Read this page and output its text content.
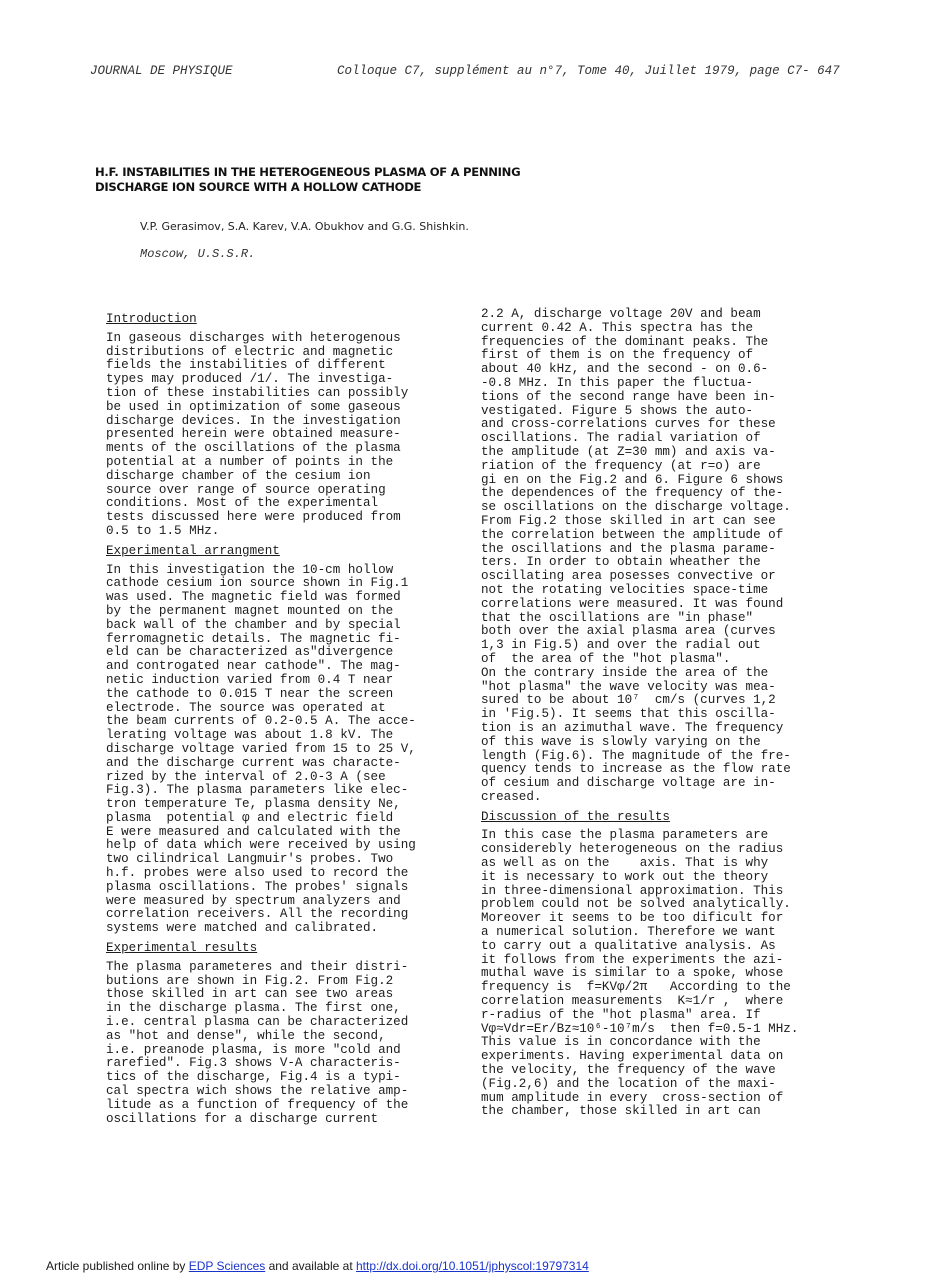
JOURNAL DE PHYSIQUE	Colloque C7, supplément au n°7, Tome 40, Juillet 1979, page C7- 647
H.F. INSTABILITIES IN THE HETEROGENEOUS PLASMA OF A PENNING
DISCHARGE ION SOURCE WITH A HOLLOW CATHODE
V.P. Gerasimov, S.A. Karev, V.A. Obukhov and G.G. Shishkin.
Moscow, U.S.S.R.
Introduction
In gaseous discharges with heterogenous
distributions of electric and magnetic
fields the instabilities of different
types may produced /1/. The investiga-
tion of these instabilities can possibly
be used in optimization of some gaseous
discharge devices. In the investigation
presented herein were obtained measure-
ments of the oscillations of the plasma
potential at a number of points in the
discharge chamber of the cesium ion
source over range of source operating
conditions. Most of the experimental
tests discussed here were produced from
0.5 to 1.5 MHz.
Experimental arrangment
In this investigation the 10-cm hollow
cathode cesium ion source shown in Fig.1
was used. The magnetic field was formed
by the permanent magnet mounted on the
back wall of the chamber and by special
ferromagnetic details. The magnetic fi-
eld can be characterized as"divergence
and controgated near cathode". The mag-
netic induction varied from 0.4 T near
the cathode to 0.015 T near the screen
electrode. The source was operated at
the beam currents of 0.2-0.5 A. The acce-
lerating voltage was about 1.8 kV. The
discharge voltage varied from 15 to 25 V,
and the discharge current was characte-
rized by the interval of 2.0-3 A (see
Fig.3). The plasma parameters like elec-
tron temperature Te, plasma density Ne,
plasma  potential φ and electric field
E were measured and calculated with the
help of data which were received by using
two cilindrical Langmuir's probes. Two
h.f. probes were also used to record the
plasma oscillations. The probes' signals
were measured by spectrum analyzers and
correlation receivers. All the recording
systems were matched and calibrated.
Experimental results
The plasma parameteres and their distri-
butions are shown in Fig.2. From Fig.2
those skilled in art can see two areas
in the discharge plasma. The first one,
i.e. central plasma can be characterized
as "hot and dense", while the second,
i.e. preanode plasma, is more "cold and
rarefied". Fig.3 shows V-A characteris-
tics of the discharge, Fig.4 is a typi-
cal spectra wich shows the relative amp-
litude as a function of frequency of the
oscillations for a discharge current
2.2 A, discharge voltage 20V and beam
current 0.42 A. This spectra has the
frequencies of the dominant peaks. The
first of them is on the frequency of
about 40 kHz, and the second - on 0.6-
-0.8 MHz. In this paper the fluctua-
tions of the second range have been in-
vestigated. Figure 5 shows the auto-
and cross-correlations curves for these
oscillations. The radial variation of
the amplitude (at Z=30 mm) and axis va-
riation of the frequency (at r=o) are
gi en on the Fig.2 and 6. Figure 6 shows
the dependences of the frequency of the-
se oscillations on the discharge voltage.
From Fig.2 those skilled in art can see
the correlation between the amplitude of
the oscillations and the plasma parame-
ters. In order to obtain wheather the
oscillating area posesses convective or
not the rotating velocities space-time
correlations were measured. It was found
that the oscillations are "in phase"
both over the axial plasma area (curves
1,3 in Fig.5) and over the radial out
of  the area of the "hot plasma".
On the contrary inside the area of the
"hot plasma" the wave velocity was mea-
sured to be about 10⁷  cm/s (curves 1,2
in 'Fig.5). It seems that this oscilla-
tion is an azimuthal wave. The frequency
of this wave is slowly varying on the
length (Fig.6). The magnitude of the fre-
quency tends to increase as the flow rate
of cesium and discharge voltage are in-
creased.
Discussion of the results
In this case the plasma parameters are
considerebly heterogeneous on the radius
as well as on the    axis. That is why
it is necessary to work out the theory
in three-dimensional approximation. This
problem could not be solved analytically.
Moreover it seems to be too dificult for
a numerical solution. Therefore we want
to carry out a qualitative analysis. As
it follows from the experiments the azi-
muthal wave is similar to a spoke, whose
frequency is  f=KVφ/2π   According to the
correlation measurements  K≈1/r ,  where
r-radius of the "hot plasma" area. If
Vφ≈Vdr=Er/Bz≈10⁶-10⁷m/s  then f=0.5-1 MHz.
This value is in concordance with the
experiments. Having experimental data on
the velocity, the frequency of the wave
(Fig.2,6) and the location of the maxi-
mum amplitude in every  cross-section of
the chamber, those skilled in art can
Article published online by EDP Sciences and available at http://dx.doi.org/10.1051/jphyscol:19797314
